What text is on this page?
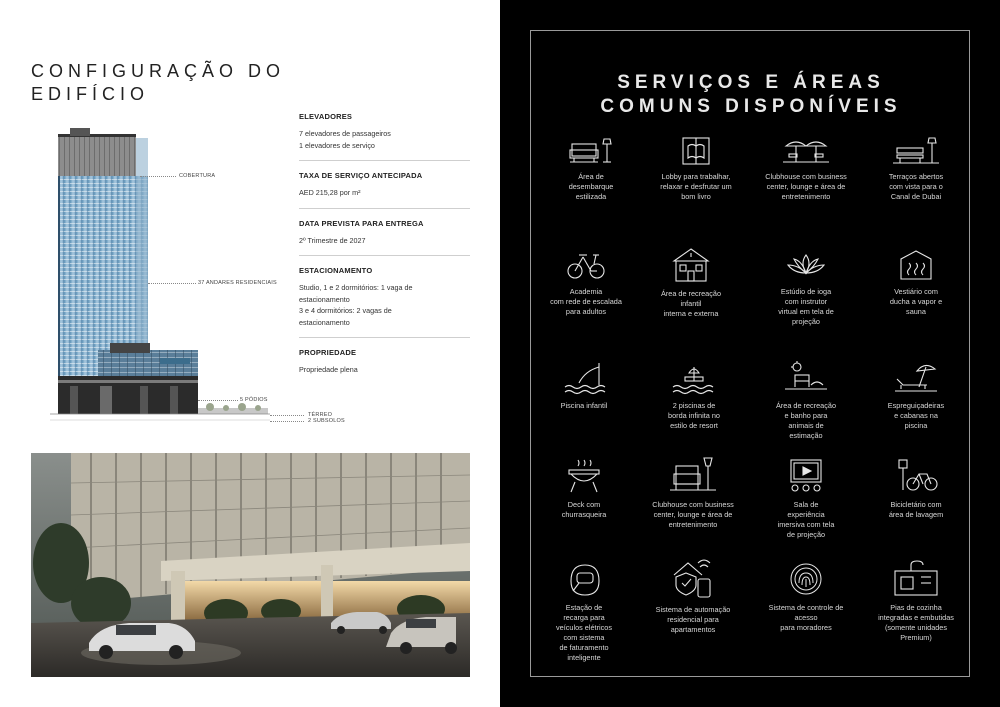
CONFIGURAÇÃO DO
EDIFÍCIO
COBERTURA
37 ANDARES RESIDENCIAIS
5 PÓDIOS
TÉRREO
2 SUBSOLOS
ELEVADORES
7 elevadores de passageiros
1 elevadores de serviço
TAXA DE SERVIÇO ANTECIPADA
AED 215,28 por m²
DATA PREVISTA PARA ENTREGA
2º Trimestre de 2027
ESTACIONAMENTO
Studio, 1 e 2 dormitórios: 1 vaga de
estacionamento
3 e 4 dormitórios: 2 vagas de
estacionamento
PROPRIEDADE
Propriedade plena
SERVIÇOS E ÁREAS
COMUNS DISPONÍVEIS
Área de
desembarque
estilizada
Lobby para trabalhar,
relaxar e desfrutar um
bom livro
Clubhouse com business
center, lounge e área de
entretenimento
Terraços abertos
com vista para o
Canal de Dubai
Academia
com rede de escalada
para adultos
Área de recreação
infantil
interna e externa
Estúdio de ioga
com instrutor
virtual em tela de
projeção
Vestiário com
ducha a vapor e
sauna
Piscina infantil	2 piscinas de
borda infinita no
estilo de resort
Área de recreação
e banho para
animais de
estimação
Espreguiçadeiras
e cabanas na
piscina
Deck com
churrasqueira
Clubhouse com business
center, lounge e área de
entretenimento
Sala de
experiência
imersiva com tela
de projeção
Bicicletário com
área de lavagem
Estação de
recarga para
veículos elétricos
com sistema
de faturamento
inteligente
Sistema de automação
residencial para
apartamentos
Sistema de controle de
acesso
para moradores
Pias de cozinha
integradas e embutidas
(somente unidades
Premium)
